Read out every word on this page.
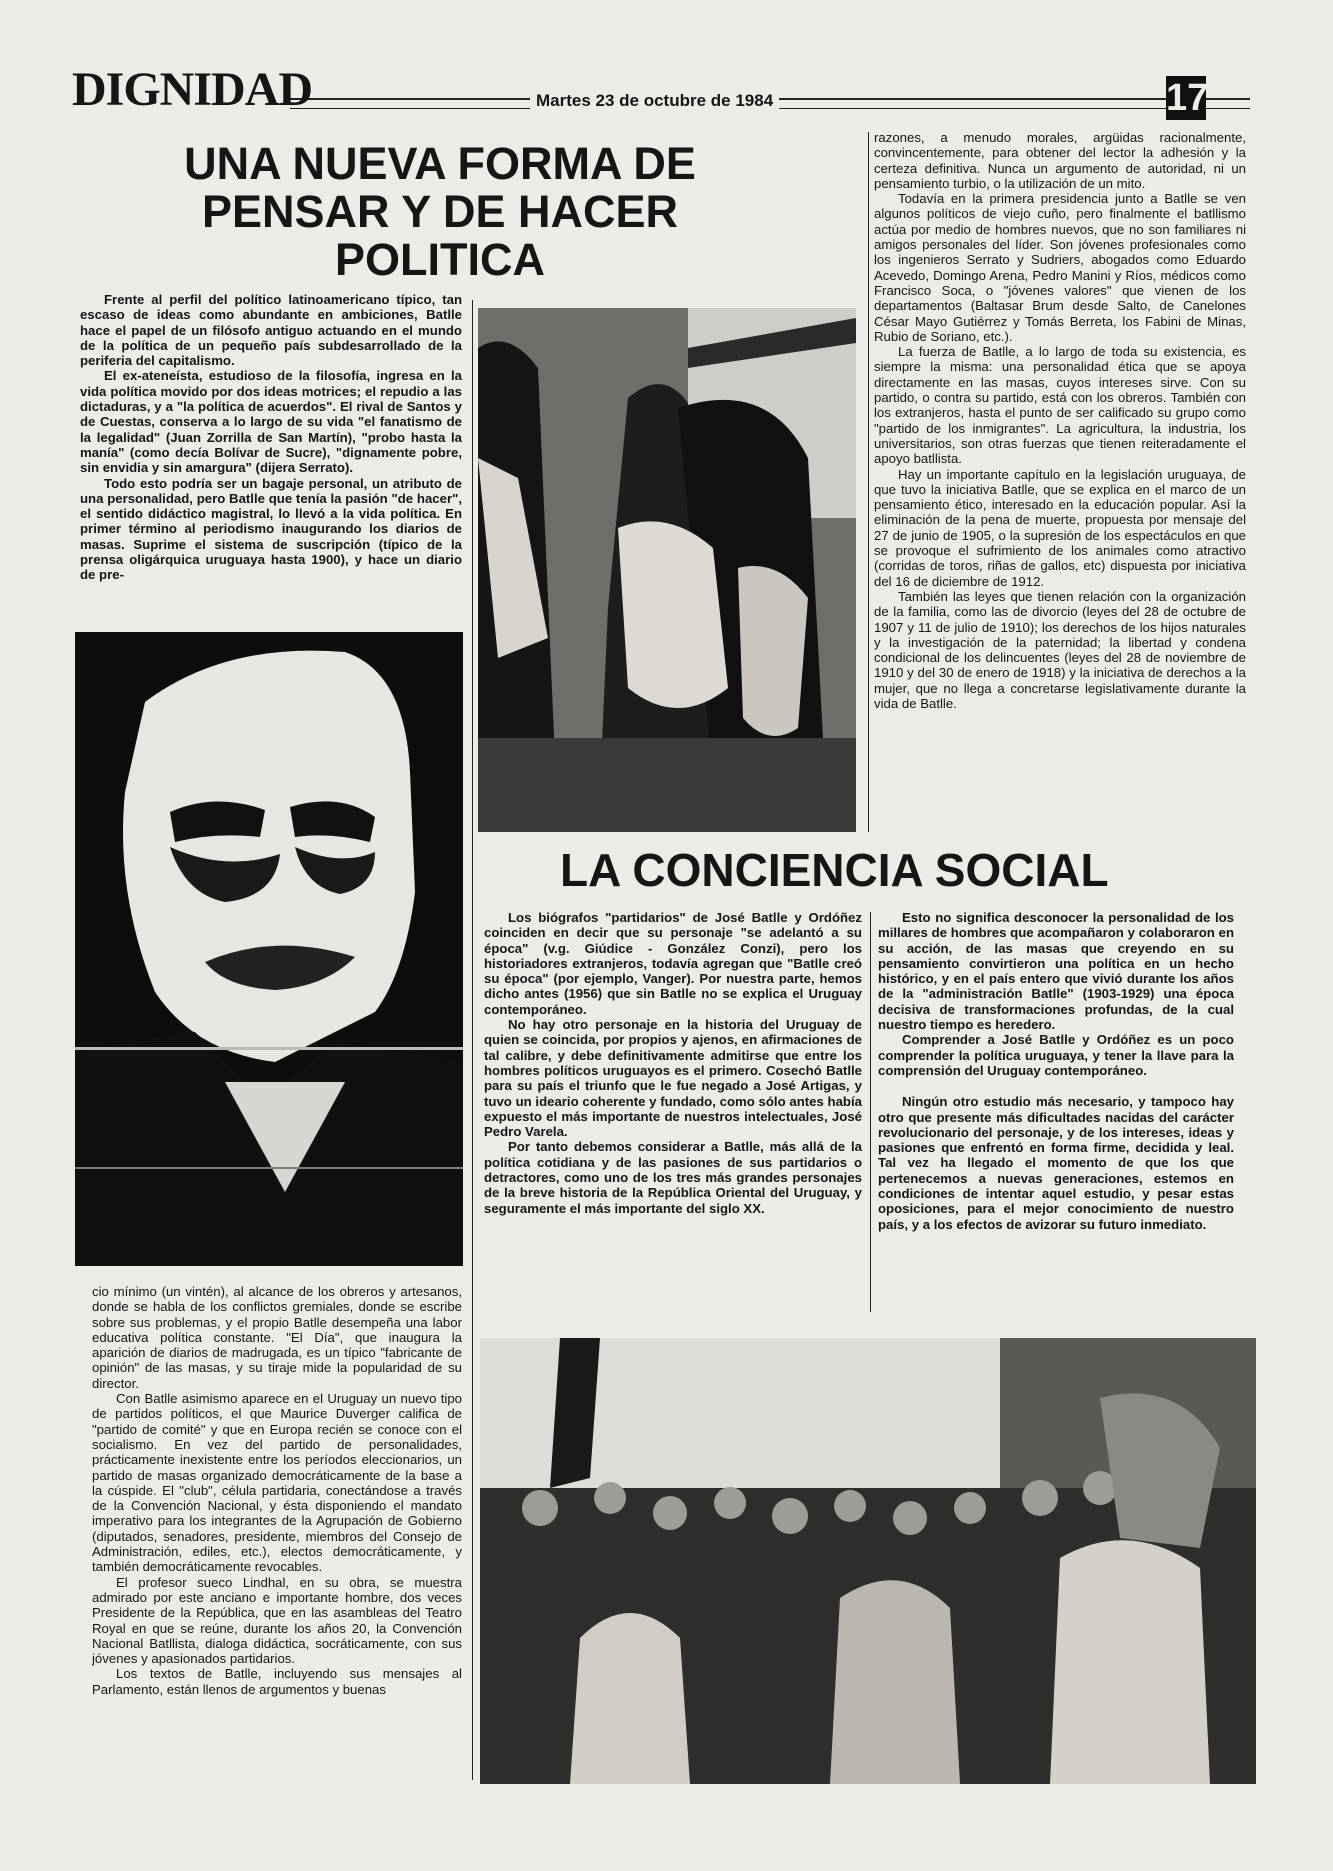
DIGNIDAD	Martes 23 de octubre de 1984	17
UNA NUEVA FORMA DE PENSAR Y DE HACER POLITICA

Frente al perfil del político latinoamericano típico, tan escaso de ideas como abundante en ambiciones, Batlle hace el papel de un filósofo antiguo actuando en el mundo de la política de un pequeño país subdesarrollado de la periferia del capitalismo.

El ex-ateneísta, estudioso de la filosofía, ingresa en la vida política movido por dos ideas motrices; el repudio a las dictaduras, y a "la política de acuerdos". El rival de Santos y de Cuestas, conserva a lo largo de su vida "el fanatismo de la legalidad" (Juan Zorrilla de San Martín), "probo hasta la manía" (como decía Bolívar de Sucre), "dignamente pobre, sin envidia y sin amargura" (dijera Serrato).

Todo esto podría ser un bagaje personal, un atributo de una personalidad, pero Batlle que tenía la pasión "de hacer", el sentido didáctico magistral, lo llevó a la vida política. En primer término al periodismo inaugurando los diarios de masas. Suprime el sistema de suscripción (típico de la prensa oligárquica uruguaya hasta 1900), y hace un diario de pre-

cio mínimo (un vintén), al alcance de los obreros y artesanos, donde se habla de los conflictos gremiales, donde se escribe sobre sus problemas, y el propio Batlle desempeña una labor educativa política constante. "El Día", que inaugura la aparición de diarios de madrugada, es un típico "fabricante de opinión" de las masas, y su tiraje mide la popularidad de su director.

Con Batlle asimismo aparece en el Uruguay un nuevo tipo de partidos políticos, el que Maurice Duverger califica de "partido de comité" y que en Europa recién se conoce con el socialismo. En vez del partido de personalidades, prácticamente inexistente entre los períodos eleccionarios, un partido de masas organizado democráticamente de la base a la cúspide. El "club", célula partidaria, conectándose a través de la Convención Nacional, y ésta disponiendo el mandato imperativo para los integrantes de la Agrupación de Gobierno (diputados, senadores, presidente, miembros del Consejo de Administración, ediles, etc.), electos democráticamente, y también democráticamente revocables.

El profesor sueco Lindhal, en su obra, se muestra admirado por este anciano e importante hombre, dos veces Presidente de la República, que en las asambleas del Teatro Royal en que se reúne, durante los años 20, la Convención Nacional Batllista, dialoga didáctica, socráticamente, con sus jóvenes y apasionados partidarios.

Los textos de Batlle, incluyendo sus mensajes al Parlamento, están llenos de argumentos y buenas

razones, a menudo morales, argüidas racionalmente, convincentemente, para obtener del lector la adhesión y la certeza definitiva. Nunca un argumento de autoridad, ni un pensamiento turbio, o la utilización de un mito.

Todavía en la primera presidencia junto a Batlle se ven algunos políticos de viejo cuño, pero finalmente el batllismo actúa por medio de hombres nuevos, que no son familiares ni amigos personales del líder. Son jóvenes profesionales como los ingenieros Serrato y Sudriers, abogados como Eduardo Acevedo, Domingo Arena, Pedro Manini y Ríos, médicos como Francisco Soca, o "jóvenes valores" que vienen de los departamentos (Baltasar Brum desde Salto, de Canelones César Mayo Gutiérrez y Tomás Berreta, los Fabini de Minas, Rubio de Soriano, etc.).

La fuerza de Batlle, a lo largo de toda su existencia, es siempre la misma: una personalidad ética que se apoya directamente en las masas, cuyos intereses sirve. Con su partido, o contra su partido, está con los obreros. También con los extranjeros, hasta el punto de ser calificado su grupo como "partido de los inmigrantes". La agricultura, la industria, los universitarios, son otras fuerzas que tienen reiteradamente el apoyo batllista.

Hay un importante capítulo en la legislación uruguaya, de que tuvo la iniciativa Batlle, que se explica en el marco de un pensamiento ético, interesado en la educación popular. Así la eliminación de la pena de muerte, propuesta por mensaje del 27 de junio de 1905, o la supresión de los espectáculos en que se provoque el sufrimiento de los animales como atractivo (corridas de toros, riñas de gallos, etc) dispuesta por iniciativa del 16 de diciembre de 1912.

También las leyes que tienen relación con la organización de la familia, como las de divorcio (leyes del 28 de octubre de 1907 y 11 de julio de 1910); los derechos de los hijos naturales y la investigación de la paternidad; la libertad y condena condicional de los delincuentes (leyes del 28 de noviembre de 1910 y del 30 de enero de 1918) y la iniciativa de derechos a la mujer, que no llega a concretarse legislativamente durante la vida de Batlle.

LA CONCIENCIA SOCIAL

Los biógrafos "partidarios" de José Batlle y Ordóñez coinciden en decir que su personaje "se adelantó a su época" (v.g. Giúdice - González Conzi), pero los historiadores extranjeros, todavía agregan que "Batlle creó su época" (por ejemplo, Vanger). Por nuestra parte, hemos dicho antes (1956) que sin Batlle no se explica el Uruguay contemporáneo.

No hay otro personaje en la historia del Uruguay de quien se coincida, por propios y ajenos, en afirmaciones de tal calibre, y debe definitivamente admitirse que entre los hombres políticos uruguayos es el primero. Cosechó Batlle para su país el triunfo que le fue negado a José Artigas, y tuvo un ideario coherente y fundado, como sólo antes había expuesto el más importante de nuestros intelectuales, José Pedro Varela.

Por tanto debemos considerar a Batlle, más allá de la política cotidiana y de las pasiones de sus partidarios o detractores, como uno de los tres más grandes personajes de la breve historia de la República Oriental del Uruguay, y seguramente el más importante del siglo XX.

Esto no significa desconocer la personalidad de los millares de hombres que acompañaron y colaboraron en su acción, de las masas que creyendo en su pensamiento convirtieron una política en un hecho histórico, y en el país entero que vivió durante los años de la "administración Batlle" (1903-1929) una época decisiva de transformaciones profundas, de la cual nuestro tiempo es heredero.

Comprender a José Batlle y Ordóñez es un poco comprender la política uruguaya, y tener la llave para la comprensión del Uruguay contemporáneo.

Ningún otro estudio más necesario, y tampoco hay otro que presente más dificultades nacidas del carácter revolucionario del personaje, y de los intereses, ideas y pasiones que enfrentó en forma firme, decidida y leal. Tal vez ha llegado el momento de que los que pertenecemos a nuevas generaciones, estemos en condiciones de intentar aquel estudio, y pesar estas oposiciones, para el mejor conocimiento de nuestro país, y a los efectos de avizorar su futuro inmediato.
